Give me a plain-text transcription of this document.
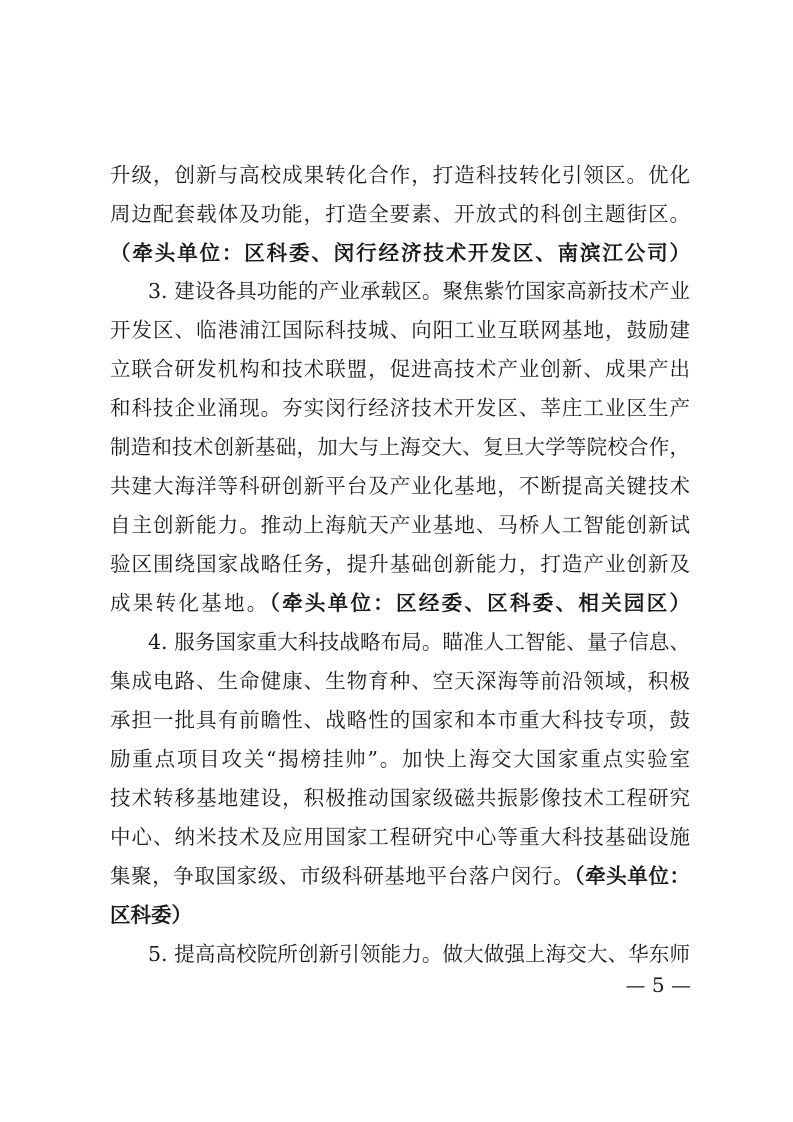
升级，创新与高校成果转化合作，打造科技转化引领区。优化
周边配套载体及功能，打造全要素、开放式的科创主题街区。
（牵头单位：区科委、闵行经济技术开发区、南滨江公司）
3. 建设各具功能的产业承载区。聚焦紫竹国家高新技术产业
开发区、临港浦江国际科技城、向阳工业互联网基地，鼓励建
立联合研发机构和技术联盟，促进高技术产业创新、成果产出
和科技企业涌现。夯实闵行经济技术开发区、莘庄工业区生产
制造和技术创新基础，加大与上海交大、复旦大学等院校合作，
共建大海洋等科研创新平台及产业化基地，不断提高关键技术
自主创新能力。推动上海航天产业基地、马桥人工智能创新试
验区围绕国家战略任务，提升基础创新能力，打造产业创新及
成果转化基地。（牵头单位：区经委、区科委、相关园区）
4. 服务国家重大科技战略布局。瞄准人工智能、量子信息、
集成电路、生命健康、生物育种、空天深海等前沿领域，积极
承担一批具有前瞻性、战略性的国家和本市重大科技专项，鼓
励重点项目攻关“揭榜挂帅”。加快上海交大国家重点实验室
技术转移基地建设，积极推动国家级磁共振影像技术工程研究
中心、纳米技术及应用国家工程研究中心等重大科技基础设施
集聚，争取国家级、市级科研基地平台落户闵行。（牵头单位：
区科委）
5. 提高高校院所创新引领能力。做大做强上海交大、华东师
— 5 —
